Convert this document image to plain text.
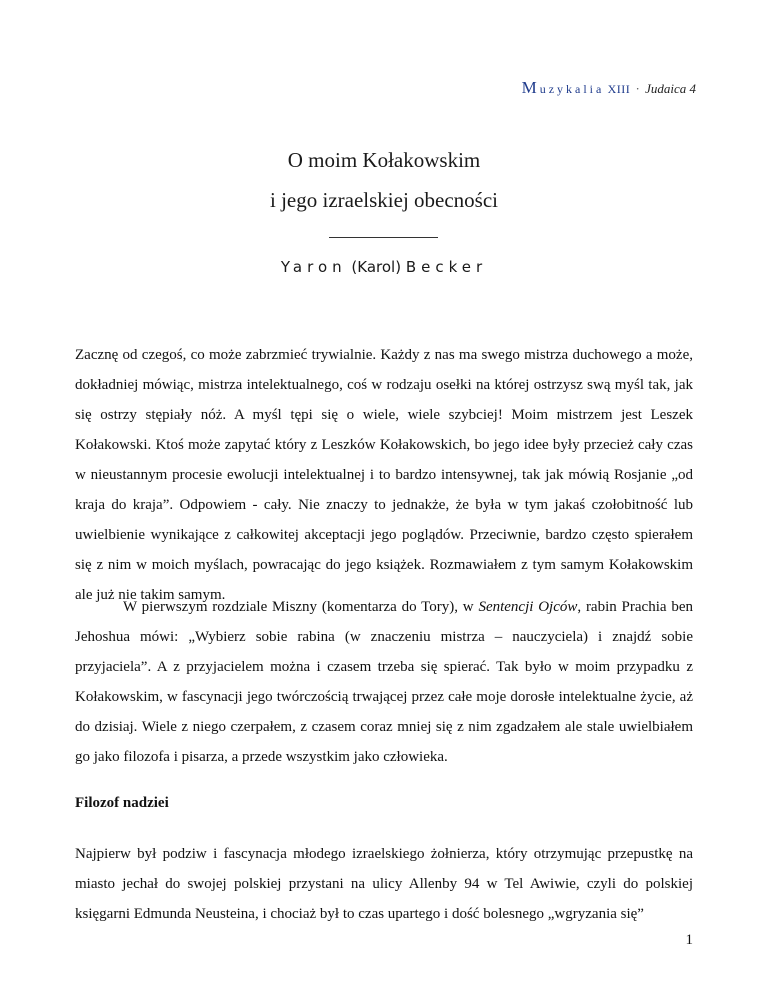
Muzykalia XIII · Judaica 4
O moim Kołakowskim
i jego izraelskiej obecności
Yaron (Karol) Becker

Zacznę od czegoś, co może zabrzmieć trywialnie. Każdy z nas ma swego mistrza duchowego a może, dokładniej mówiąc, mistrza intelektualnego, coś w rodzaju osełki na której ostrzysz swą myśl tak, jak się ostrzy stępiały nóż. A myśl tępi się o wiele, wiele szybciej! Moim mistrzem jest Leszek Kołakowski. Ktoś może zapytać który z Leszków Kołakowskich, bo jego idee były przecież cały czas w nieustannym procesie ewolucji intelektualnej i to bardzo intensywnej, tak jak mówią Rosjanie „od kraja do kraja”. Odpowiem - cały. Nie znaczy to jednakże, że była w tym jakaś czołobitność lub uwielbienie wynikające z całkowitej akceptacji jego poglądów. Przeciwnie, bardzo często spierałem się z nim w moich myślach, powracając do jego książek. Rozmawiałem z tym samym Kołakowskim ale już nie takim samym.

W pierwszym rozdziale Miszny (komentarza do Tory), w Sentencji Ojców, rabin Prachia ben Jehoshua mówi: „Wybierz sobie rabina (w znaczeniu mistrza – nauczyciela) i znajdź sobie przyjaciela”. A z przyjacielem można i czasem trzeba się spierać. Tak było w moim przypadku z Kołakowskim, w fascynacji jego twórczością trwającej przez całe moje dorosłe intelektualne życie, aż do dzisiaj. Wiele z niego czerpałem, z czasem coraz mniej się z nim zgadzałem ale stale uwielbiałem go jako filozofa i pisarza, a przede wszystkim jako człowieka.

Filozof nadziei

Najpierw był podziw i fascynacja młodego izraelskiego żołnierza, który otrzymując przepustkę na miasto jechał do swojej polskiej przystani na ulicy Allenby 94 w Tel Awiwie, czyli do polskiej księgarni Edmunda Neusteina, i chociaż był to czas upartego i dość bolesnego „wgryzania się”

1
